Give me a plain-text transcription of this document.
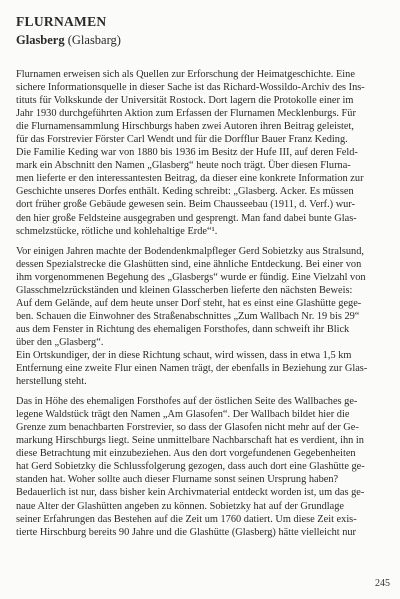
FLURNAMEN
Glasberg (Glasbarg)

Flurnamen erweisen sich als Quellen zur Erforschung der Heimatgeschichte. Eine
sichere Informationsquelle in dieser Sache ist das Richard-Wossildo-Archiv des Ins-
tituts für Volkskunde der Universität Rostock. Dort lagern die Protokolle einer im
Jahr 1930 durchgeführten Aktion zum Erfassen der Flurnamen Mecklenburgs. Für
die Flurnamensammlung Hirschburgs haben zwei Autoren ihren Beitrag geleistet,
für das Forstrevier Förster Carl Wendt und für die Dorfflur Bauer Franz Keding.
Die Familie Keding war von 1880 bis 1936 im Besitz der Hufe III, auf deren Feld-
mark ein Abschnitt den Namen „Glasberg“ heute noch trägt. Über diesen Flurna-
men lieferte er den interessantesten Beitrag, da dieser eine konkrete Information zur
Geschichte unseres Dorfes enthält. Keding schreibt: „Glasberg. Acker. Es müssen
dort früher große Gebäude gewesen sein. Beim Chausseebau (1911, d. Verf.) wur-
den hier große Feldsteine ausgegraben und gesprengt. Man fand dabei bunte Glas-
schmelzstücke, rötliche und kohlehaltige Erde“¹.

Vor einigen Jahren machte der Bodendenkmalpfleger Gerd Sobietzky aus Stralsund,
dessen Spezialstrecke die Glashütten sind, eine ähnliche Entdeckung. Bei einer von
ihm vorgenommenen Begehung des „Glasbergs“ wurde er fündig. Eine Vielzahl von
Glasschmelzrückständen und kleinen Glasscherben lieferte den nächsten Beweis:
Auf dem Gelände, auf dem heute unser Dorf steht, hat es einst eine Glashütte gege-
ben. Schauen die Einwohner des Straßenabschnittes „Zum Wallbach Nr. 19 bis 29“
aus dem Fenster in Richtung des ehemaligen Forsthofes, dann schweift ihr Blick
über den „Glasberg“.
Ein Ortskundiger, der in diese Richtung schaut, wird wissen, dass in etwa 1,5 km
Entfernung eine zweite Flur einen Namen trägt, der ebenfalls in Beziehung zur Glas-
herstellung steht.

Das in Höhe des ehemaligen Forsthofes auf der östlichen Seite des Wallbaches ge-
legene Waldstück trägt den Namen „Am Glasofen“. Der Wallbach bildet hier die
Grenze zum benachbarten Forstrevier, so dass der Glasofen nicht mehr auf der Ge-
markung Hirschburgs liegt. Seine unmittelbare Nachbarschaft hat es verdient, ihn in
diese Betrachtung mit einzubeziehen. Aus den dort vorgefundenen Gegebenheiten
hat Gerd Sobietzky die Schlussfolgerung gezogen, dass auch dort eine Glashütte ge-
standen hat. Woher sollte auch dieser Flurname sonst seinen Ursprung haben?
Bedauerlich ist nur, dass bisher kein Archivmaterial entdeckt worden ist, um das ge-
naue Alter der Glashütten angeben zu können. Sobietzky hat auf der Grundlage
seiner Erfahrungen das Bestehen auf die Zeit um 1760 datiert. Um diese Zeit exis-
tierte Hirschburg bereits 90 Jahre und die Glashütte (Glasberg) hätte vielleicht nur

245
